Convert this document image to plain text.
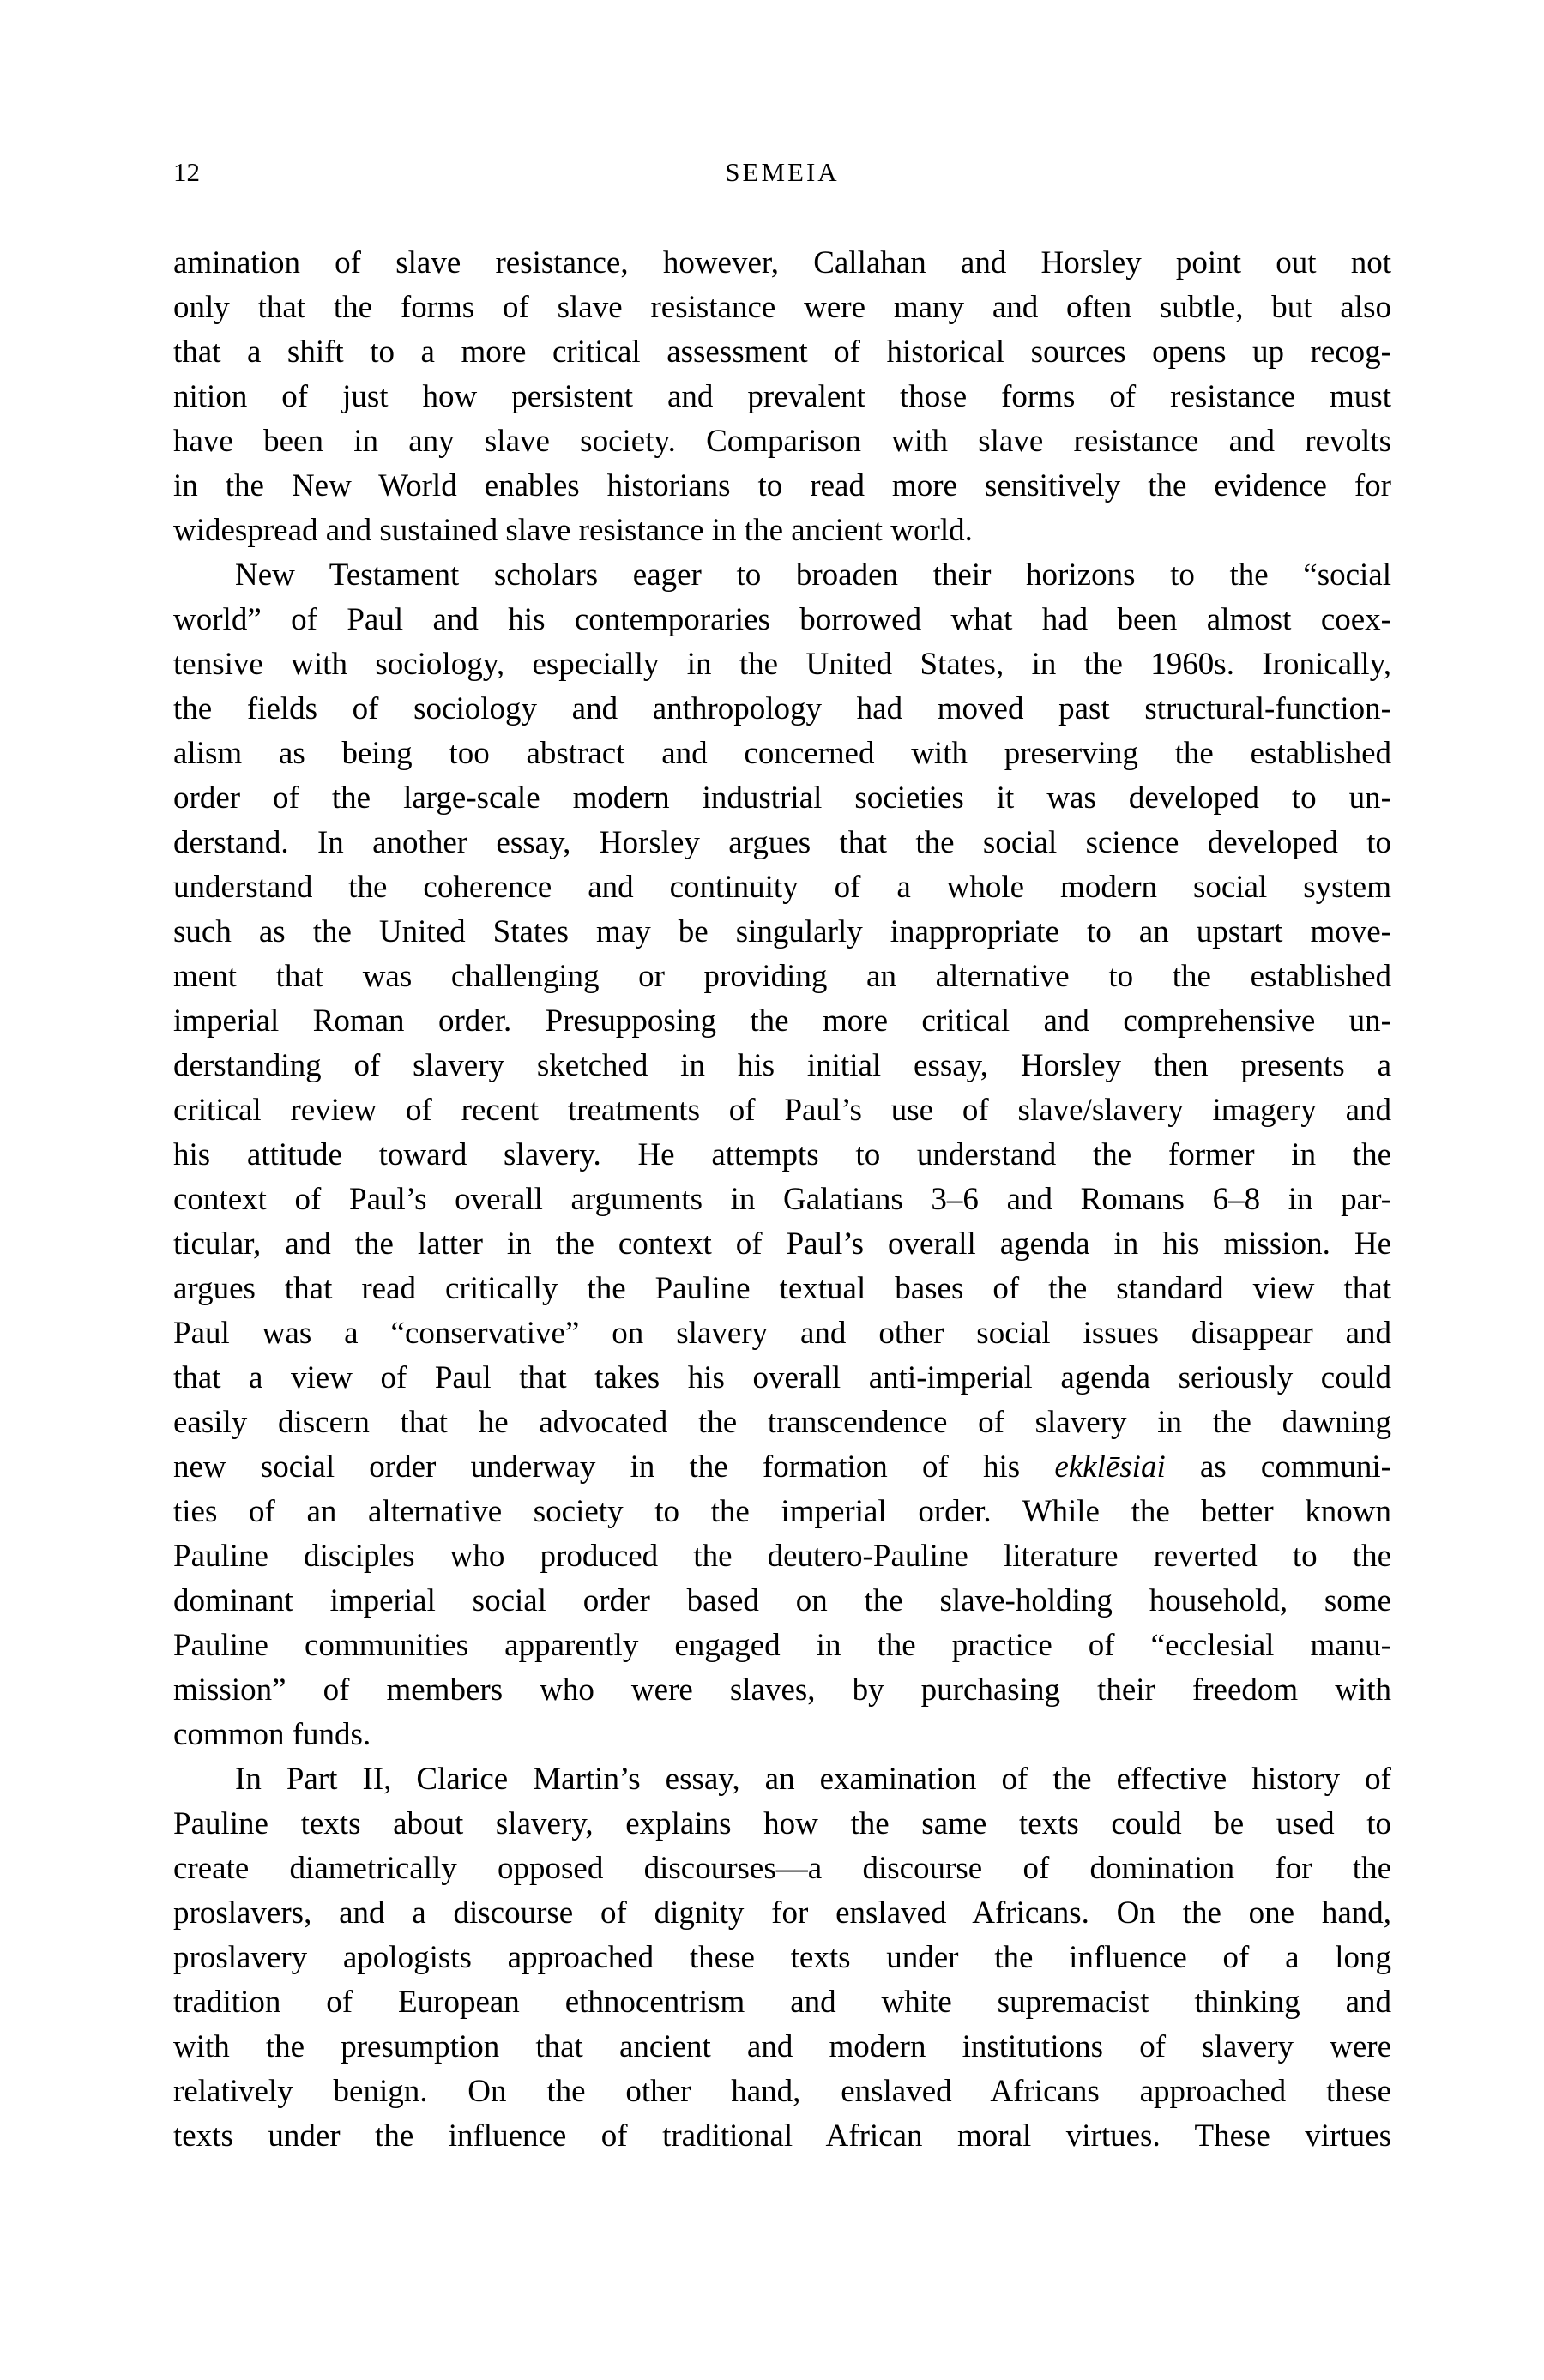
12	SEMEIA
amination of slave resistance, however, Callahan and Horsley point out not
only that the forms of slave resistance were many and often subtle, but also
that a shift to a more critical assessment of historical sources opens up recog-
nition of just how persistent and prevalent those forms of resistance must
have been in any slave society. Comparison with slave resistance and revolts
in the New World enables historians to read more sensitively the evidence for
widespread and sustained slave resistance in the ancient world.
New Testament scholars eager to broaden their horizons to the “social
world” of Paul and his contemporaries borrowed what had been almost coex-
tensive with sociology, especially in the United States, in the 1960s. Ironically,
the fields of sociology and anthropology had moved past structural-function-
alism as being too abstract and concerned with preserving the established
order of the large-scale modern industrial societies it was developed to un-
derstand. In another essay, Horsley argues that the social science developed to
understand the coherence and continuity of a whole modern social system
such as the United States may be singularly inappropriate to an upstart move-
ment that was challenging or providing an alternative to the established
imperial Roman order. Presupposing the more critical and comprehensive un-
derstanding of slavery sketched in his initial essay, Horsley then presents a
critical review of recent treatments of Paul’s use of slave/slavery imagery and
his attitude toward slavery. He attempts to understand the former in the
context of Paul’s overall arguments in Galatians 3–6 and Romans 6–8 in par-
ticular, and the latter in the context of Paul’s overall agenda in his mission. He
argues that read critically the Pauline textual bases of the standard view that
Paul was a “conservative” on slavery and other social issues disappear and
that a view of Paul that takes his overall anti-imperial agenda seriously could
easily discern that he advocated the transcendence of slavery in the dawning
new social order underway in the formation of his ekklēsiai as communi-
ties of an alternative society to the imperial order. While the better known
Pauline disciples who produced the deutero-Pauline literature reverted to the
dominant imperial social order based on the slave-holding household, some
Pauline communities apparently engaged in the practice of “ecclesial manu-
mission” of members who were slaves, by purchasing their freedom with
common funds.
In Part II, Clarice Martin’s essay, an examination of the effective history of
Pauline texts about slavery, explains how the same texts could be used to
create diametrically opposed discourses—a discourse of domination for the
proslavers, and a discourse of dignity for enslaved Africans. On the one hand,
proslavery apologists approached these texts under the influence of a long
tradition of European ethnocentrism and white supremacist thinking and
with the presumption that ancient and modern institutions of slavery were
relatively benign. On the other hand, enslaved Africans approached these
texts under the influence of traditional African moral virtues. These virtues
